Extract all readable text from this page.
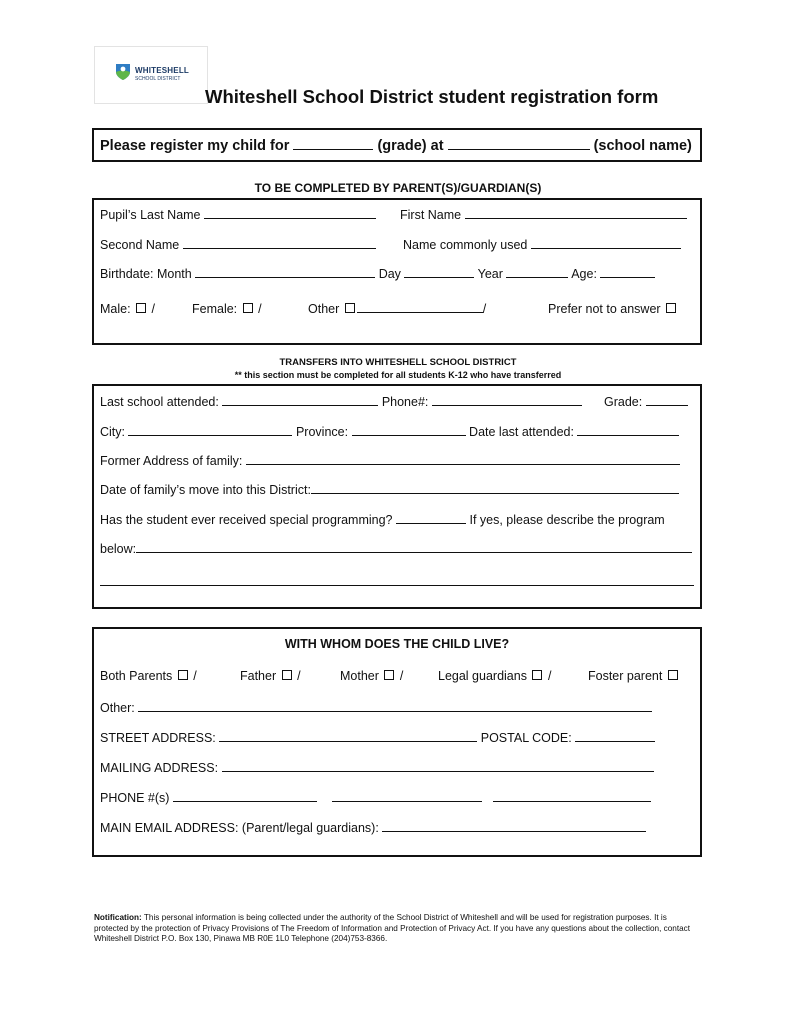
WHITESHELL
SCHOOL DISTRICT
Whiteshell School District student registration form
Please register my child for	(grade) at	(school name)
TO BE COMPLETED BY PARENT(S)/GUARDIAN(S)
Pupil’s Last Name	First Name
Second Name	Name commonly used
Birthdate: Month	Day	Year	Age:
Male: /	Female: /	Other	/	Prefer not to answer
TRANSFERS INTO WHITESHELL SCHOOL DISTRICT
** this section must be completed for all students K-12 who have transferred
Last school attended:	Phone#:	Grade:
City:	Province:	Date last attended:
Former Address of family:
Date of family’s move into this District:
Has the student ever received special programming?	If yes, please describe the program
below:
WITH WHOM DOES THE CHILD LIVE?
Both Parents /	Father /	Mother /	Legal guardians /	Foster parent
Other:
STREET ADDRESS:	POSTAL CODE:
MAILING ADDRESS:
PHONE #(s)
MAIN EMAIL ADDRESS: (Parent/legal guardians):
Notification: This personal information is being collected under the authority of the School District of Whiteshell and will be used for registration purposes. It is protected by the protection of Privacy Provisions of The Freedom of Information and Protection of Privacy Act. If you have any questions about the collection, contact Whiteshell District P.O. Box 130, Pinawa MB R0E 1L0 Telephone (204)753-8366.
